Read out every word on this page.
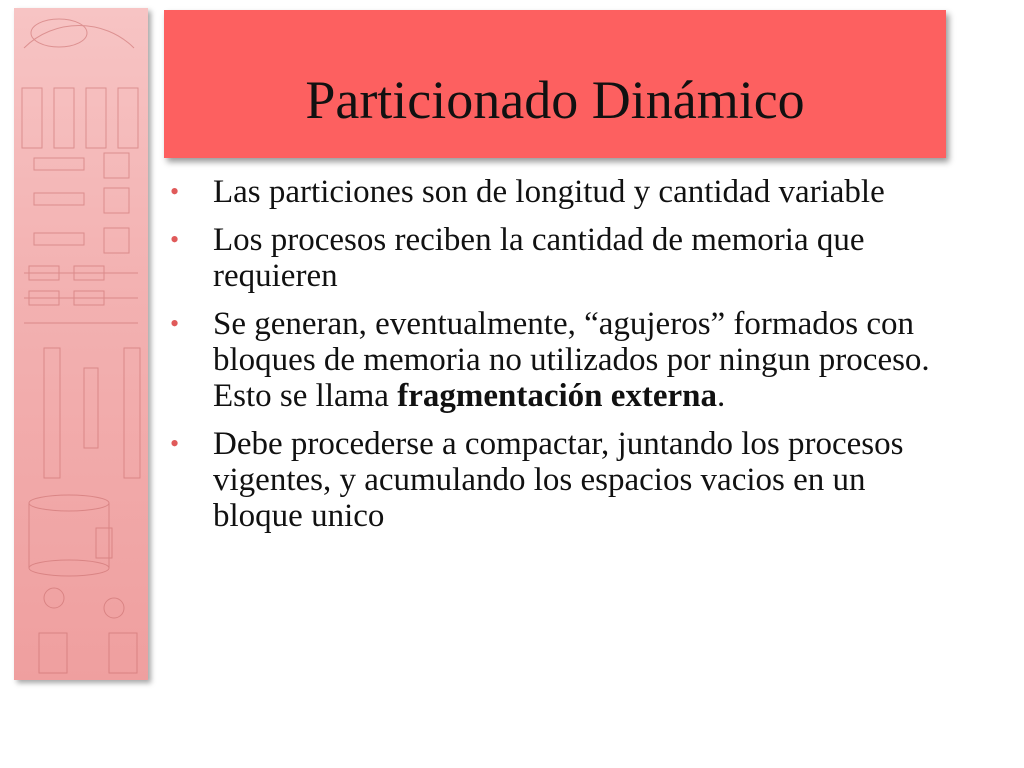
Particionado Dinámico
• Las particiones son de longitud y cantidad variable
• Los procesos reciben la cantidad de memoria que requieren
• Se generan, eventualmente, “agujeros” formados con bloques de memoria no utilizados por ningun proceso. Esto se llama fragmentación externa.
• Debe procederse a compactar, juntando los procesos vigentes, y acumulando los espacios vacios en un bloque unico
